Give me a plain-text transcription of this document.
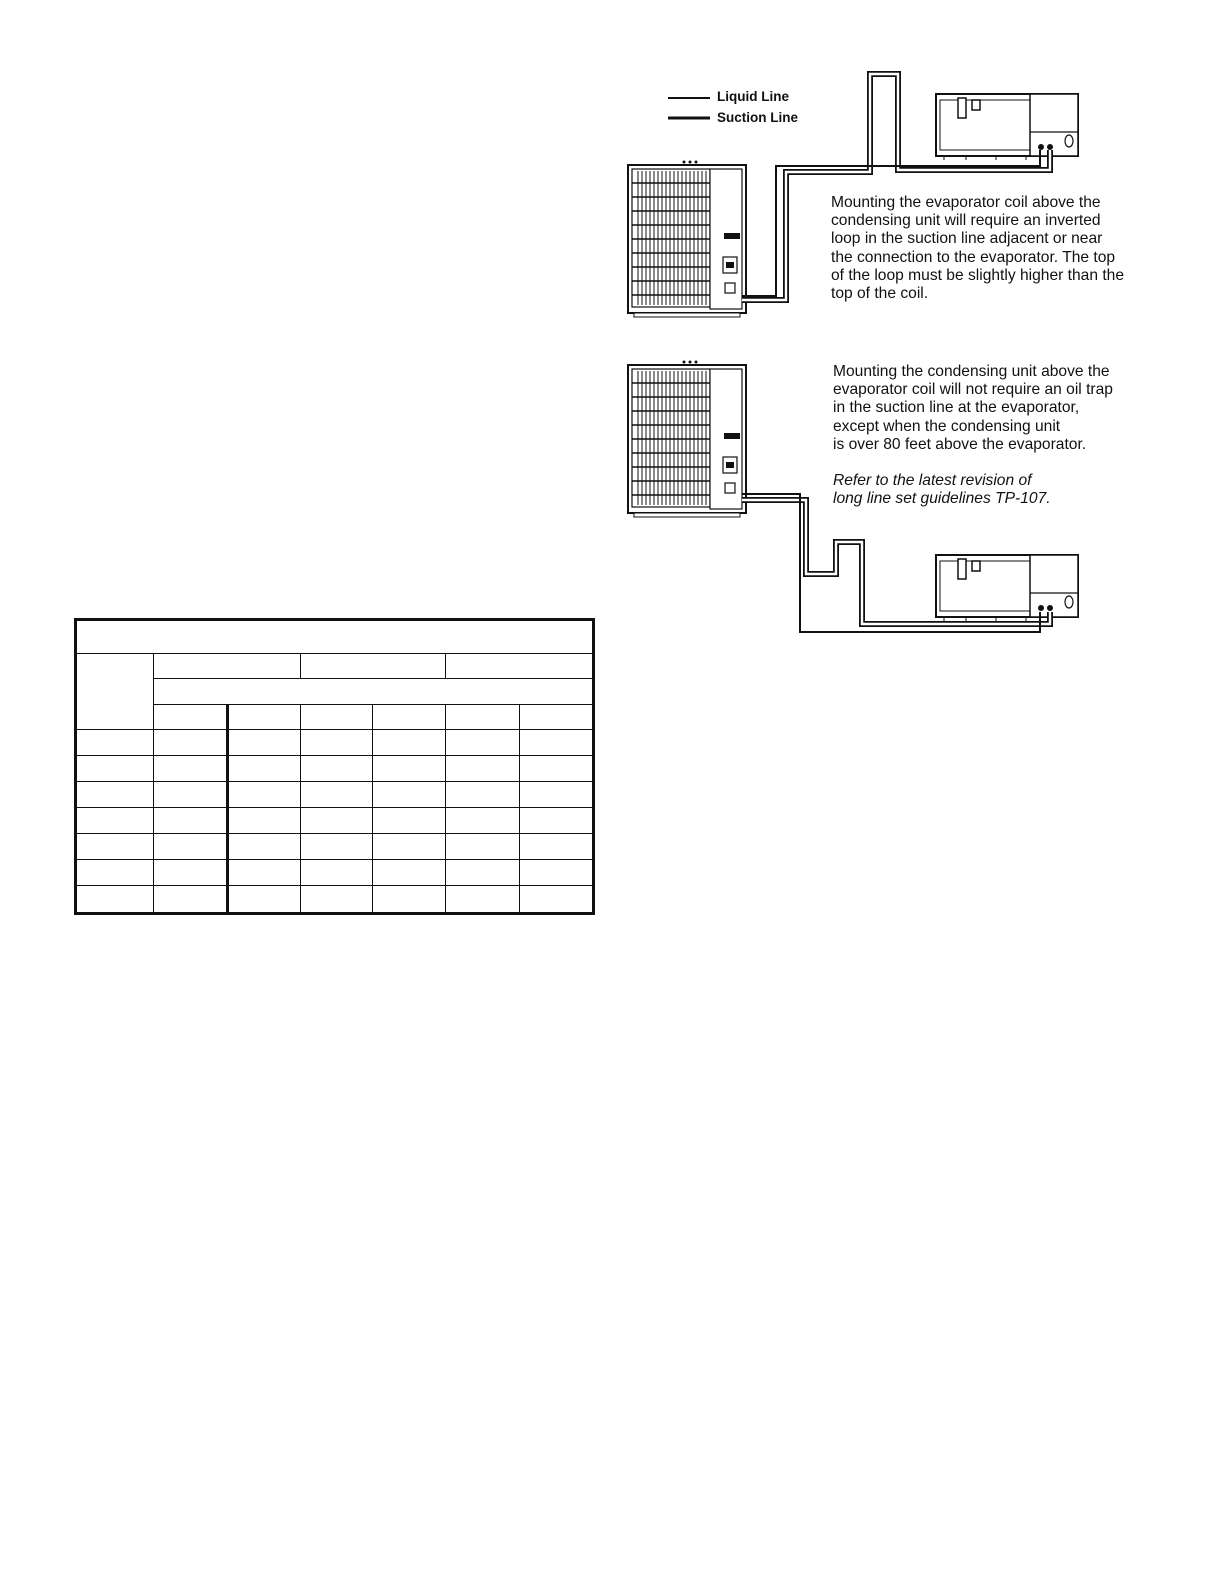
Liquid Line
Suction Line
Mounting the evaporator coil above the
condensing unit will require an inverted
loop in the suction line adjacent or near
the connection to the evaporator. The top
of the loop must be slightly higher than the
top of the coil.
Mounting the condensing unit above the
evaporator coil will not require an oil trap
in the suction line at the evaporator,
except when the condensing unit
is over 80 feet above the evaporator.
Refer to the latest revision of
long line set guidelines TP-107.
